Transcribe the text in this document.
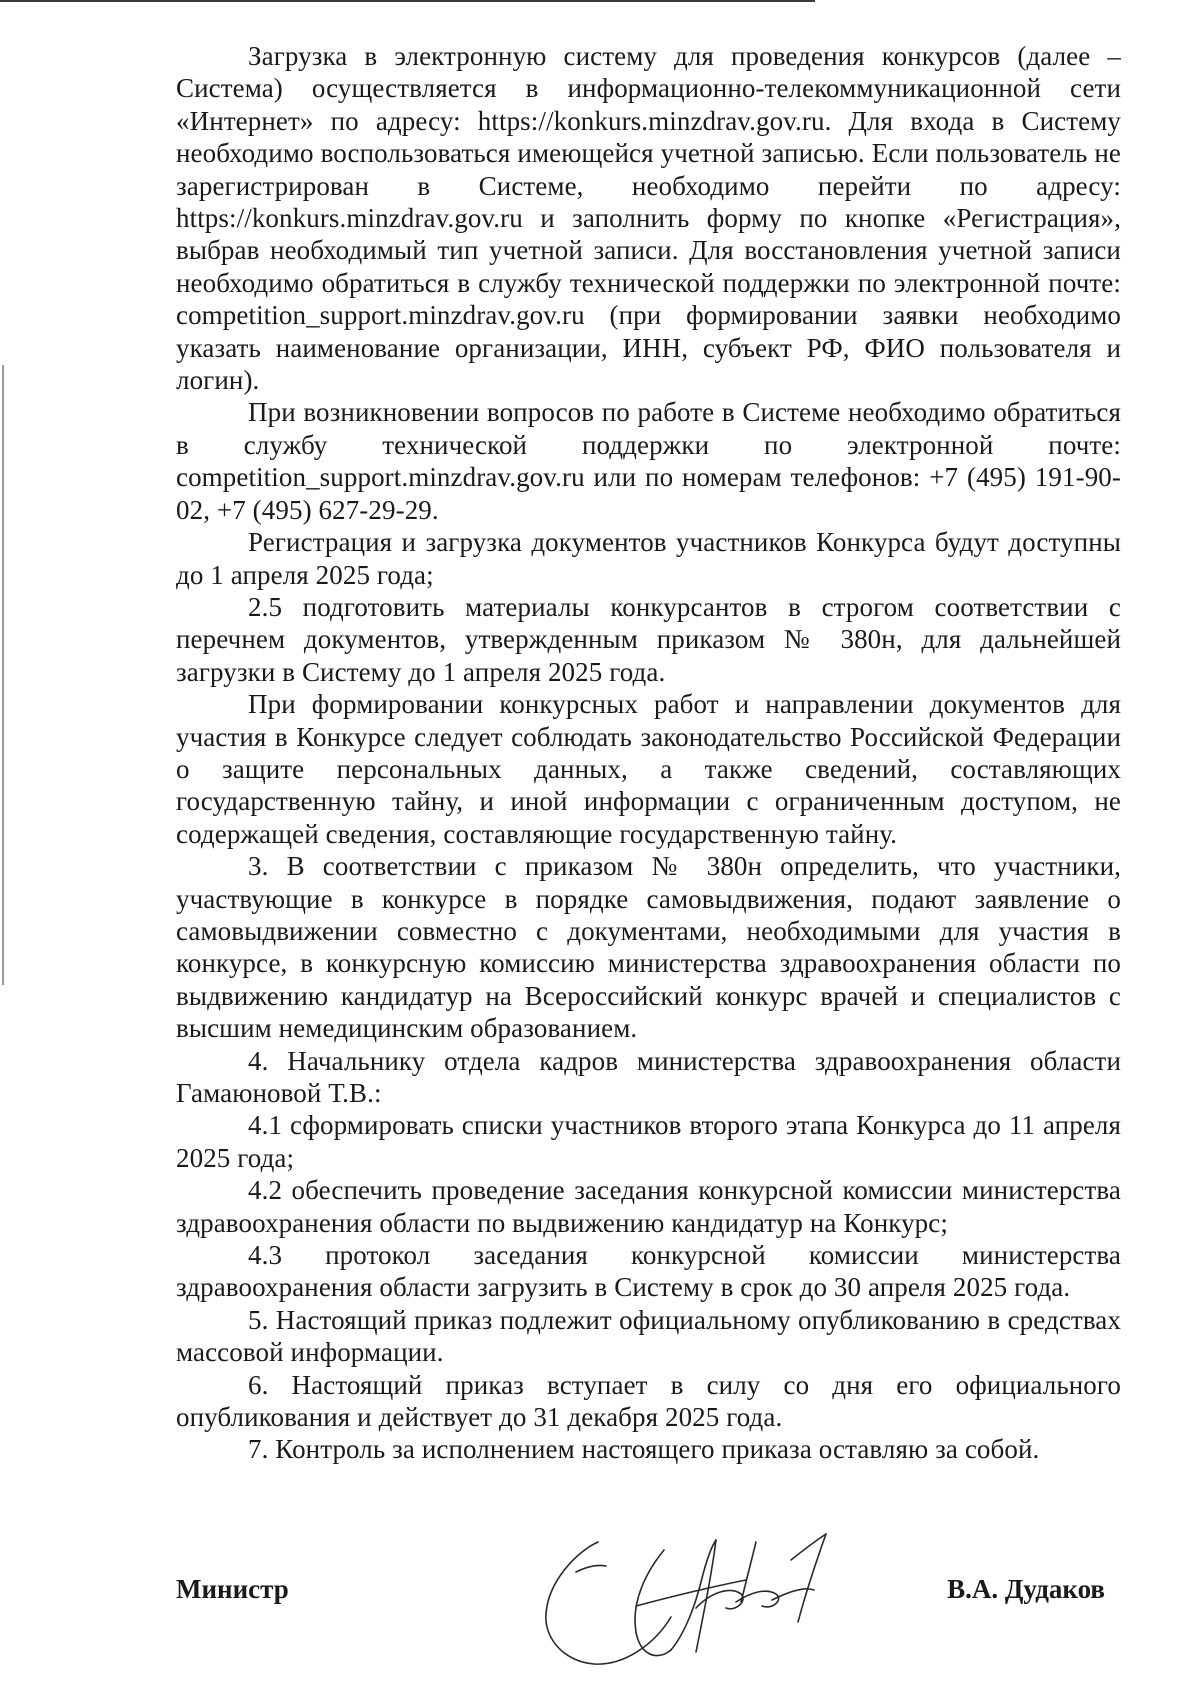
Загрузка в электронную систему для проведения конкурсов (далее – Система) осуществляется в информационно-телекоммуникационной сети «Интернет» по адресу: https://konkurs.minzdrav.gov.ru. Для входа в Систему необходимо воспользоваться имеющейся учетной записью. Если пользователь не зарегистрирован в Системе, необходимо перейти по адресу: https://konkurs.minzdrav.gov.ru и заполнить форму по кнопке «Регистрация», выбрав необходимый тип учетной записи. Для восстановления учетной записи необходимо обратиться в службу технической поддержки по электронной почте: competition_support.minzdrav.gov.ru (при формировании заявки необходимо указать наименование организации, ИНН, субъект РФ, ФИО пользователя и логин).

При возникновении вопросов по работе в Системе необходимо обратиться в службу технической поддержки по электронной почте: competition_support.minzdrav.gov.ru или по номерам телефонов: +7 (495) 191-90-02, +7 (495) 627-29-29.

Регистрация и загрузка документов участников Конкурса будут доступны до 1 апреля 2025 года;

2.5 подготовить материалы конкурсантов в строгом соответствии с перечнем документов, утвержденным приказом № 380н, для дальнейшей загрузки в Систему до 1 апреля 2025 года.

При формировании конкурсных работ и направлении документов для участия в Конкурсе следует соблюдать законодательство Российской Федерации о защите персональных данных, а также сведений, составляющих государственную тайну, и иной информации с ограниченным доступом, не содержащей сведения, составляющие государственную тайну.

3. В соответствии с приказом № 380н определить, что участники, участвующие в конкурсе в порядке самовыдвижения, подают заявление о самовыдвижении совместно с документами, необходимыми для участия в конкурсе, в конкурсную комиссию министерства здравоохранения области по выдвижению кандидатур на Всероссийский конкурс врачей и специалистов с высшим немедицинским образованием.

4. Начальнику отдела кадров министерства здравоохранения области Гамаюновой Т.В.:

4.1 сформировать списки участников второго этапа Конкурса до 11 апреля 2025 года;

4.2 обеспечить проведение заседания конкурсной комиссии министерства здравоохранения области по выдвижению кандидатур на Конкурс;

4.3 протокол заседания конкурсной комиссии министерства здравоохранения области загрузить в Систему в срок до 30 апреля 2025 года.

5. Настоящий приказ подлежит официальному опубликованию в средствах массовой информации.

6. Настоящий приказ вступает в силу со дня его официального опубликования и действует до 31 декабря 2025 года.

7. Контроль за исполнением настоящего приказа оставляю за собой.

Министр	В.А. Дудаков
